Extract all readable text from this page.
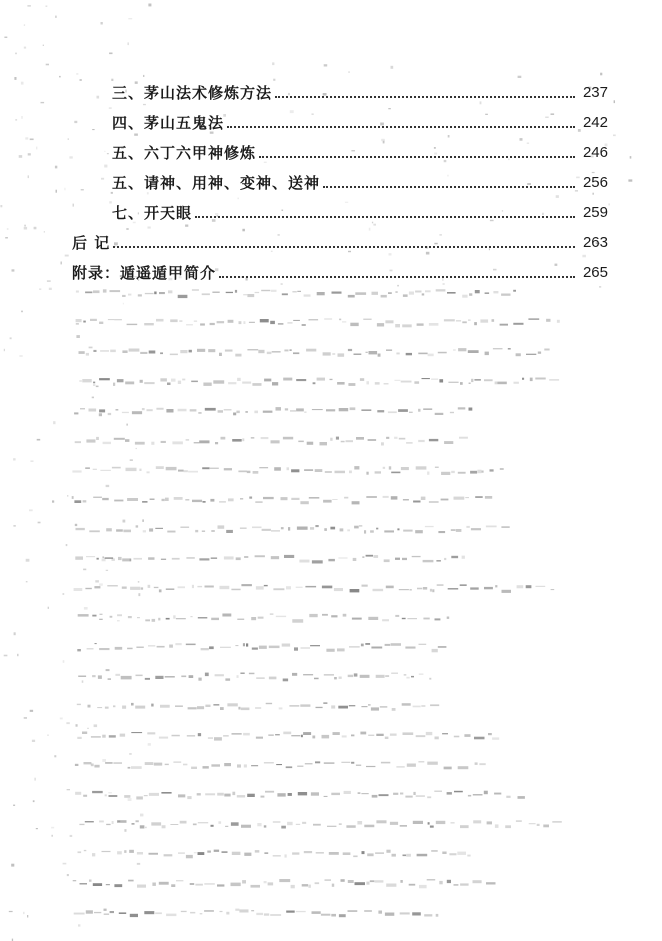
三、茅山法术修炼方法	237
四、茅山五鬼法	242
五、六丁六甲神修炼	246
五、请神、用神、变神、送神	256
七、开天眼	259
后 记	263
附录：遁遥遁甲简介	265
